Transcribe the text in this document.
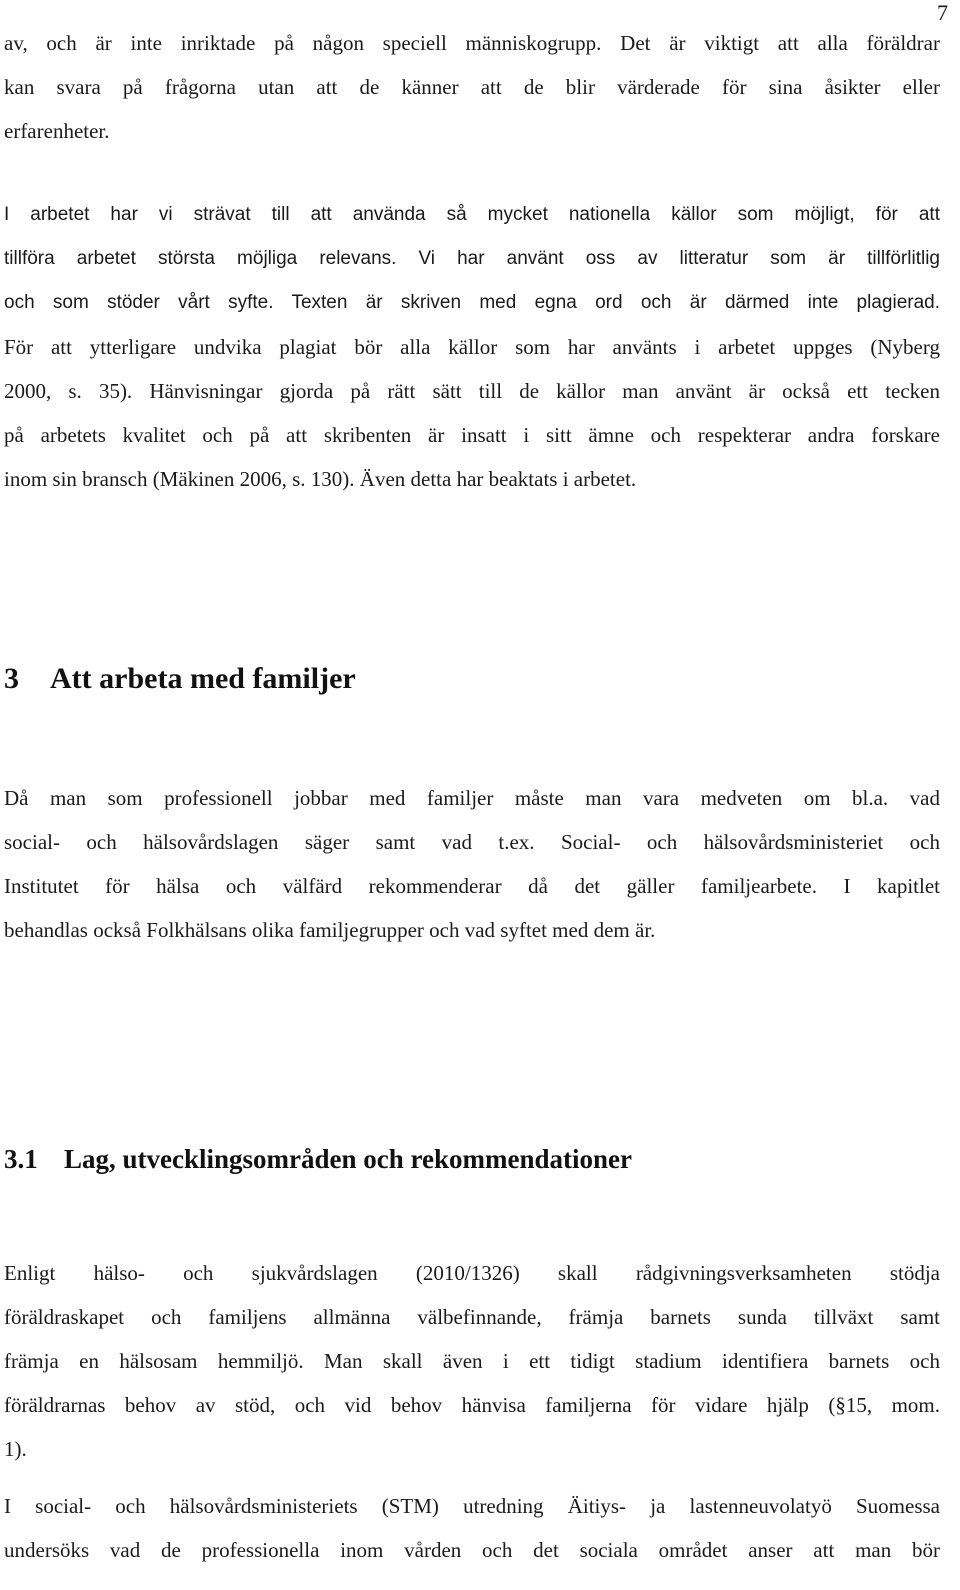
7
av, och är inte inriktade på någon speciell människogrupp. Det är viktigt att alla föräldrar
kan svara på frågorna utan att de känner att de blir värderade för sina åsikter eller
erfarenheter.
I arbetet har vi strävat till att använda så mycket nationella källor som möjligt, för att
tillföra arbetet största möjliga relevans. Vi har använt oss av litteratur som är tillförlitlig
och som stöder vårt syfte. Texten är skriven med egna ord och är därmed inte plagierad.
För att ytterligare undvika plagiat bör alla källor som har använts i arbetet uppges (Nyberg
2000, s. 35). Hänvisningar gjorda på rätt sätt till de källor man använt är också ett tecken
på arbetets kvalitet och på att skribenten är insatt i sitt ämne och respekterar andra forskare
inom sin bransch (Mäkinen 2006, s. 130). Även detta har beaktats i arbetet.
3 Att arbeta med familjer
Då man som professionell jobbar med familjer måste man vara medveten om bl.a. vad
social- och hälsovårdslagen säger samt vad t.ex. Social- och hälsovårdsministeriet och
Institutet för hälsa och välfärd rekommenderar då det gäller familjearbete. I kapitlet
behandlas också Folkhälsans olika familjegrupper och vad syftet med dem är.
3.1 Lag, utvecklingsområden och rekommendationer
Enligt hälso- och sjukvårdslagen (2010/1326) skall rådgivningsverksamheten stödja
föräldraskapet och familjens allmänna välbefinnande, främja barnets sunda tillväxt samt
främja en hälsosam hemmiljö. Man skall även i ett tidigt stadium identifiera barnets och
föräldrarnas behov av stöd, och vid behov hänvisa familjerna för vidare hjälp (§15, mom.
1).
I social- och hälsovårdsministeriets (STM) utredning Äitiys- ja lastenneuvolatyö Suomessa
undersöks vad de professionella inom vården och det sociala området anser att man bör
